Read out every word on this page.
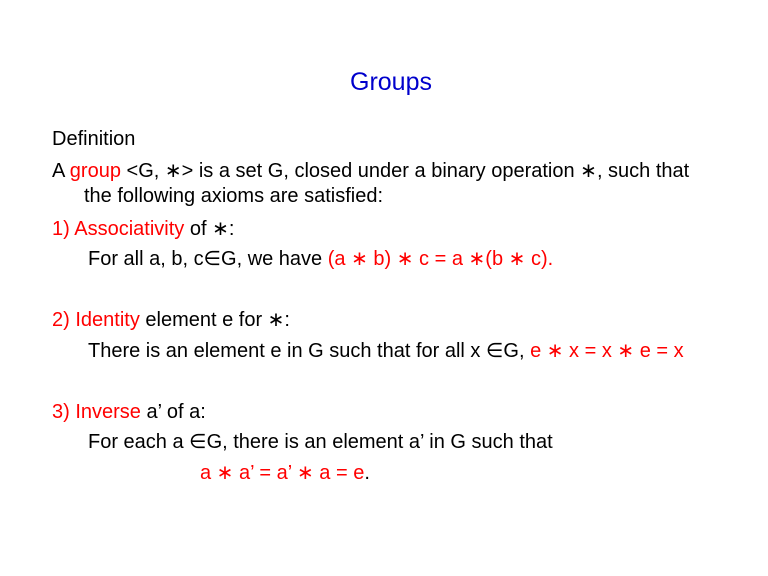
Groups
Definition
A group <G, ∗> is a set G, closed under a binary operation ∗, such that
the following axioms are satisfied:
1) Associativity of ∗:
For all a, b, c∈G, we have (a ∗ b) ∗ c = a ∗(b ∗ c).
2) Identity element e for ∗:
There is an element e in G such that for all x ∈G, e ∗ x = x ∗ e = x
3) Inverse a’ of a:
For each a ∈G, there is an element a’ in G such that
a ∗ a’ = a’ ∗ a = e.
